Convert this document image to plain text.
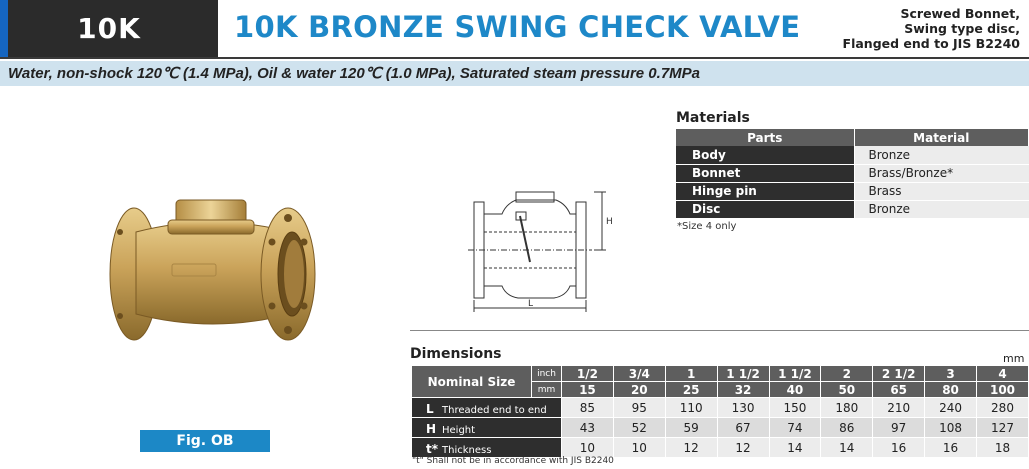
10K	10K BRONZE SWING CHECK VALVE	Screwed Bonnet,
Swing type disc,
Flanged end to JIS B2240
Water, non-shock 120℃ (1.4 MPa), Oil & water 120℃ (1.0 MPa), Saturated steam pressure 0.7MPa
Fig. OB
H
L
Materials
Parts	Material
Body	Bronze
Bonnet	Brass/Bronze*
Hinge pin	Brass
Disc	Bronze
*Size 4 only
Dimensions	mm
Nominal Size	inch	1/2	3/4	1	1 1/2	1 1/2	2	2 1/2	3	4
	mm	15	20	25	32	40	50	65	80	100
L Threaded end to end		85	95	110	130	150	180	210	240	280
H Height		43	52	59	67	74	86	97	108	127
t* Thickness		10	10	12	12	14	14	16	16	18
"t" Shall not be in accordance with JIS B2240
